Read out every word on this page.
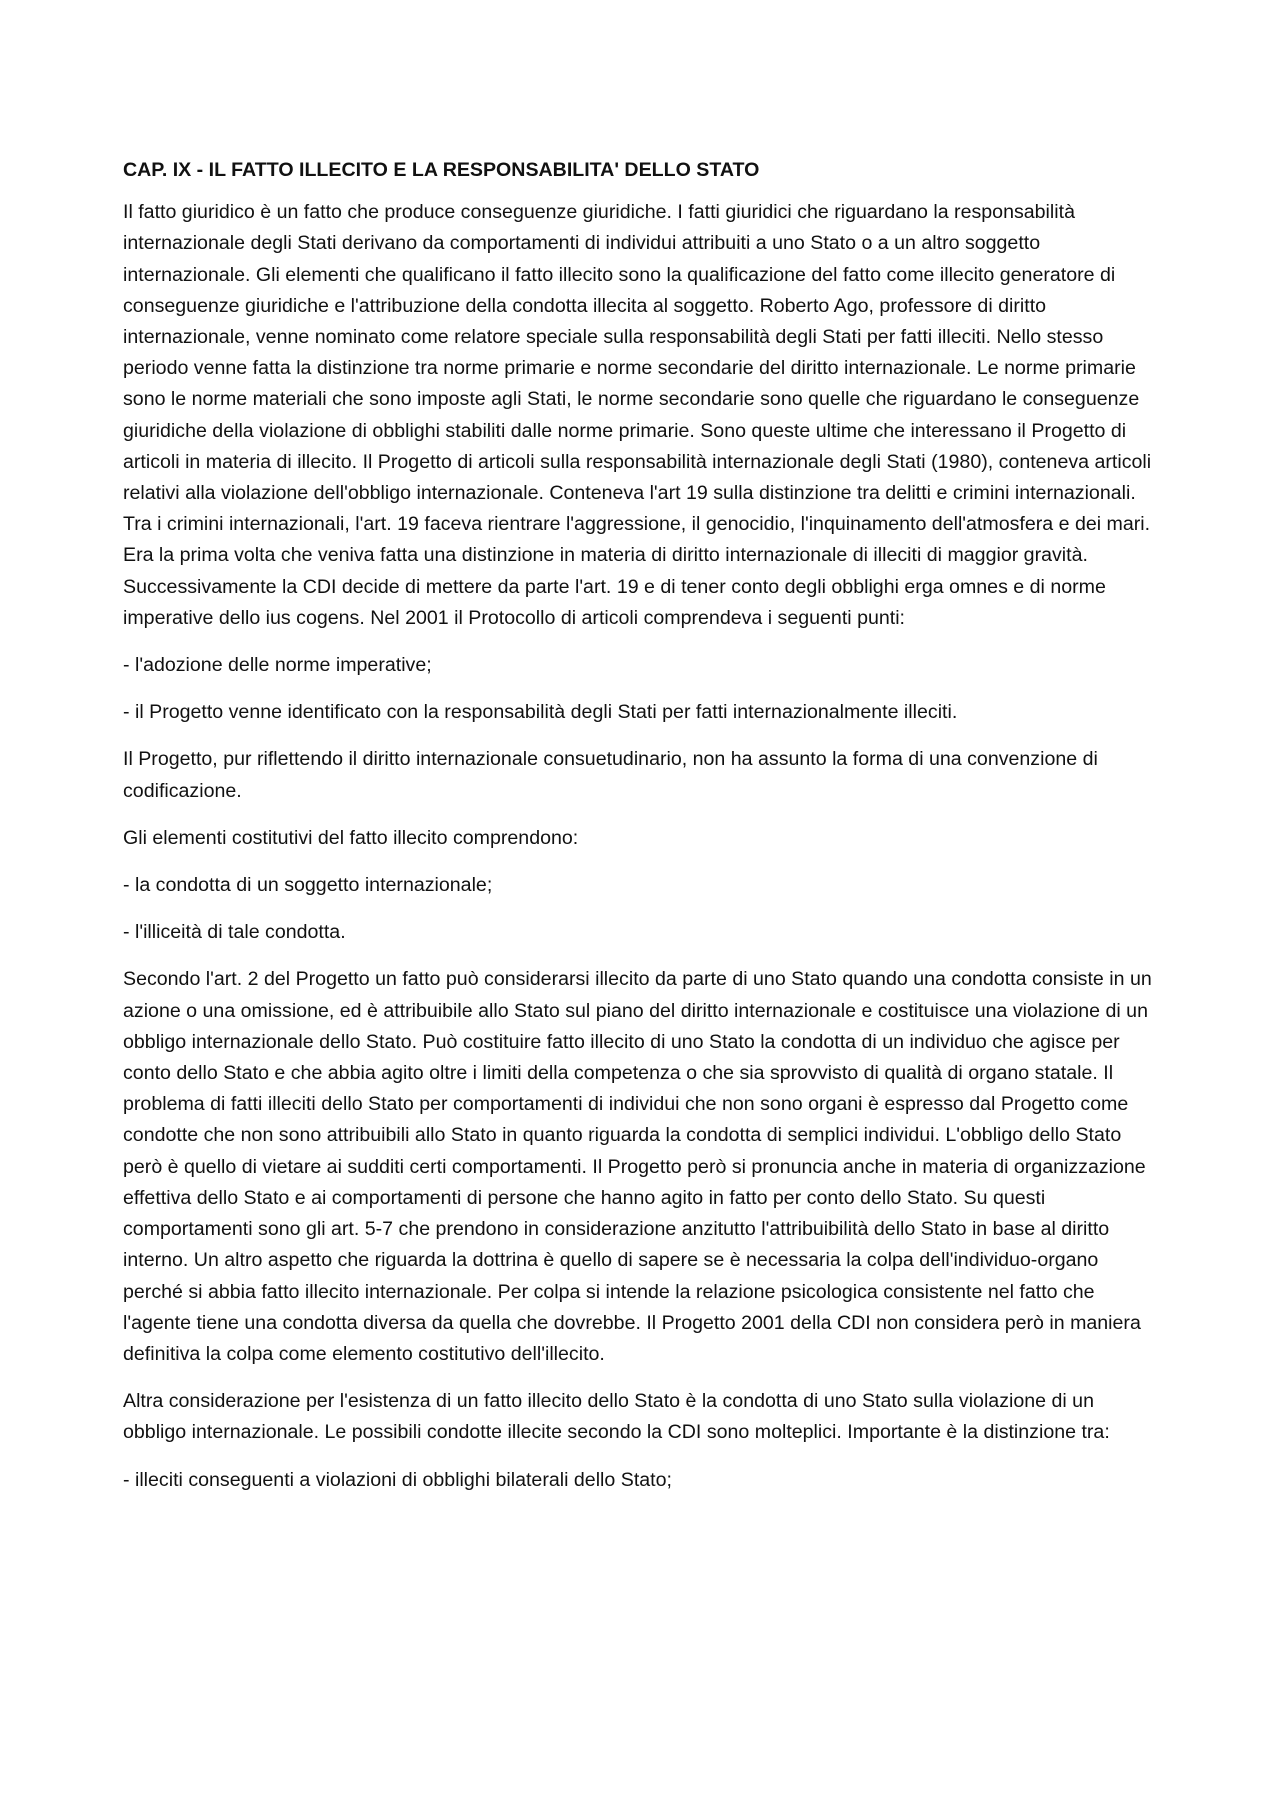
CAP. IX - IL FATTO ILLECITO E LA RESPONSABILITA' DELLO STATO

Il fatto giuridico è un fatto che produce conseguenze giuridiche. I fatti giuridici che riguardano la responsabilità internazionale degli Stati derivano da comportamenti di individui attribuiti a uno Stato o a un altro soggetto internazionale. Gli elementi che qualificano il fatto illecito sono la qualificazione del fatto come illecito generatore di conseguenze giuridiche e l'attribuzione della condotta illecita al soggetto. Roberto Ago, professore di diritto internazionale, venne nominato come relatore speciale sulla responsabilità degli Stati per fatti illeciti. Nello stesso periodo venne fatta la distinzione tra norme primarie e norme secondarie del diritto internazionale. Le norme primarie sono le norme materiali che sono imposte agli Stati, le norme secondarie sono quelle che riguardano le conseguenze giuridiche della violazione di obblighi stabiliti dalle norme primarie. Sono queste ultime che interessano il Progetto di articoli in materia di illecito. Il Progetto di articoli sulla responsabilità internazionale degli Stati (1980), conteneva articoli relativi alla violazione dell'obbligo internazionale. Conteneva l'art 19 sulla distinzione tra delitti e crimini internazionali. Tra i crimini internazionali, l'art. 19 faceva rientrare l'aggressione, il genocidio, l'inquinamento dell'atmosfera e dei mari. Era la prima volta che veniva fatta una distinzione in materia di diritto internazionale di illeciti di maggior gravità. Successivamente la CDI decide di mettere da parte l'art. 19 e di tener conto degli obblighi erga omnes e di norme imperative dello ius cogens. Nel 2001 il Protocollo di articoli comprendeva i seguenti punti:

- l'adozione delle norme imperative;

- il Progetto venne identificato con la responsabilità degli Stati per fatti internazionalmente illeciti.

Il Progetto, pur riflettendo il diritto internazionale consuetudinario, non ha assunto la forma di una convenzione di codificazione.

Gli elementi costitutivi del fatto illecito comprendono:

- la condotta di un soggetto internazionale;

- l'illiceità di tale condotta.

Secondo l'art. 2 del Progetto un fatto può considerarsi illecito da parte di uno Stato quando una condotta consiste in un azione o una omissione, ed è attribuibile allo Stato sul piano del diritto internazionale e costituisce una violazione di un obbligo internazionale dello Stato. Può costituire fatto illecito di uno Stato la condotta di un individuo che agisce per conto dello Stato e che abbia agito oltre i limiti della competenza o che sia sprovvisto di qualità di organo statale. Il problema di fatti illeciti dello Stato per comportamenti di individui che non sono organi è espresso dal Progetto come condotte che non sono attribuibili allo Stato in quanto riguarda la condotta di semplici individui. L'obbligo dello Stato però è quello di vietare ai sudditi certi comportamenti. Il Progetto però si pronuncia anche in materia di organizzazione effettiva dello Stato e ai comportamenti di persone che hanno agito in fatto per conto dello Stato. Su questi comportamenti sono gli art. 5-7 che prendono in considerazione anzitutto l'attribuibilità dello Stato in base al diritto interno. Un altro aspetto che riguarda la dottrina è quello di sapere se è necessaria la colpa dell'individuo-organo perché si abbia fatto illecito internazionale. Per colpa si intende la relazione psicologica consistente nel fatto che l'agente tiene una condotta diversa da quella che dovrebbe. Il Progetto 2001 della CDI non considera però in maniera definitiva la colpa come elemento costitutivo dell'illecito.

Altra considerazione per l'esistenza di un fatto illecito dello Stato è la condotta di uno Stato sulla violazione di un obbligo internazionale. Le possibili condotte illecite secondo la CDI sono molteplici. Importante è la distinzione tra:

- illeciti conseguenti a violazioni di obblighi bilaterali dello Stato;
